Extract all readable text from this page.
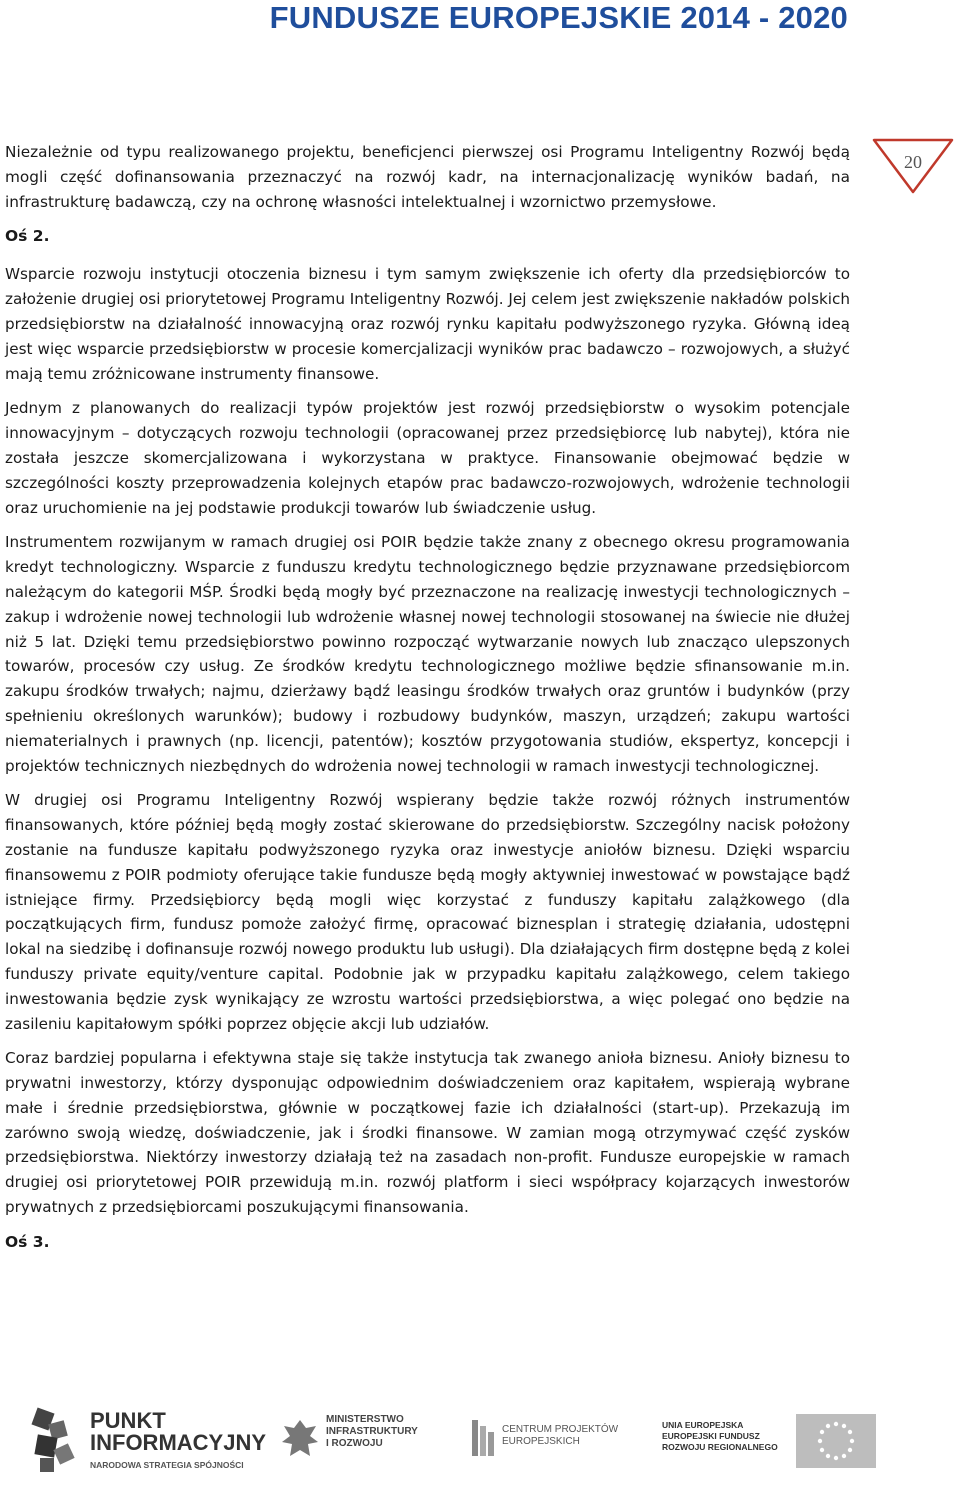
FUNDUSZE EUROPEJSKIE 2014 - 2020
20

Niezależnie od typu realizowanego projektu, beneficjenci pierwszej osi Programu Inteligentny Rozwój będą mogli część dofinansowania przeznaczyć na rozwój kadr, na internacjonalizację wyników badań, na infrastrukturę badawczą, czy na ochronę własności intelektualnej i wzornictwo przemysłowe.

Oś 2.

Wsparcie rozwoju instytucji otoczenia biznesu i tym samym zwiększenie ich oferty dla przedsiębiorców to założenie drugiej osi priorytetowej Programu Inteligentny Rozwój. Jej celem jest zwiększenie nakładów polskich przedsiębiorstw na działalność innowacyjną oraz rozwój rynku kapitału podwyższonego ryzyka. Główną ideą jest więc wsparcie przedsiębiorstw w procesie komercjalizacji wyników prac badawczo – rozwojowych, a służyć mają temu zróżnicowane instrumenty finansowe.

Jednym z planowanych do realizacji typów projektów jest rozwój przedsiębiorstw o wysokim potencjale innowacyjnym – dotyczących rozwoju technologii (opracowanej przez przedsiębiorcę lub nabytej), która nie została jeszcze skomercjalizowana i wykorzystana w praktyce. Finansowanie obejmować będzie w szczególności koszty przeprowadzenia kolejnych etapów prac badawczo-rozwojowych, wdrożenie technologii oraz uruchomienie na jej podstawie produkcji towarów lub świadczenie usług.

Instrumentem rozwijanym w ramach drugiej osi POIR będzie także znany z obecnego okresu programowania kredyt technologiczny. Wsparcie z funduszu kredytu technologicznego będzie przyznawane przedsiębiorcom należącym do kategorii MŚP. Środki będą mogły być przeznaczone na realizację inwestycji technologicznych – zakup i wdrożenie nowej technologii lub wdrożenie własnej nowej technologii stosowanej na świecie nie dłużej niż 5 lat. Dzięki temu przedsiębiorstwo powinno rozpocząć wytwarzanie nowych lub znacząco ulepszonych towarów, procesów czy usług. Ze środków kredytu technologicznego możliwe będzie sfinansowanie m.in. zakupu środków trwałych; najmu, dzierżawy bądź leasingu środków trwałych oraz gruntów i budynków (przy spełnieniu określonych warunków); budowy i rozbudowy budynków, maszyn, urządzeń; zakupu wartości niematerialnych i prawnych (np. licencji, patentów); kosztów przygotowania studiów, ekspertyz, koncepcji i projektów technicznych niezbędnych do wdrożenia nowej technologii w ramach inwestycji technologicznej.

W drugiej osi Programu Inteligentny Rozwój wspierany będzie także rozwój różnych instrumentów finansowanych, które później będą mogły zostać skierowane do przedsiębiorstw. Szczególny nacisk położony zostanie na fundusze kapitału podwyższonego ryzyka oraz inwestycje aniołów biznesu. Dzięki wsparciu finansowemu z POIR podmioty oferujące takie fundusze będą mogły aktywniej inwestować w powstające bądź istniejące firmy. Przedsiębiorcy będą mogli więc korzystać z funduszy kapitału zalążkowego (dla początkujących firm, fundusz pomoże założyć firmę, opracować biznesplan i strategię działania, udostępni lokal na siedzibę i dofinansuje rozwój nowego produktu lub usługi). Dla działających firm dostępne będą z kolei funduszy private equity/venture capital. Podobnie jak w przypadku kapitału zalążkowego, celem takiego inwestowania będzie zysk wynikający ze wzrostu wartości przedsiębiorstwa, a więc polegać ono będzie na zasileniu kapitałowym spółki poprzez objęcie akcji lub udziałów.

Coraz bardziej popularna i efektywna staje się także instytucja tak zwanego anioła biznesu. Anioły biznesu to prywatni inwestorzy, którzy dysponując odpowiednim doświadczeniem oraz kapitałem, wspierają wybrane małe i średnie przedsiębiorstwa, głównie w początkowej fazie ich działalności (start-up). Przekazują im zarówno swoją wiedzę, doświadczenie, jak i środki finansowe. W zamian mogą otrzymywać część zysków przedsiębiorstwa. Niektórzy inwestorzy działają też na zasadach non-profit. Fundusze europejskie w ramach drugiej osi priorytetowej POIR przewidują m.in. rozwój platform i sieci współpracy kojarzących inwestorów prywatnych z przedsiębiorcami poszukującymi finansowania.

Oś 3.
PUNKT
INFORMACYJNY
NARODOWA STRATEGIA SPÓJNOŚCI
MINISTERSTWO
INFRASTRUKTURY
I ROZWOJU
CENTRUM PROJEKTÓW
EUROPEJSKICH
UNIA EUROPEJSKA
EUROPEJSKI FUNDUSZ
ROZWOJU REGIONALNEGO
